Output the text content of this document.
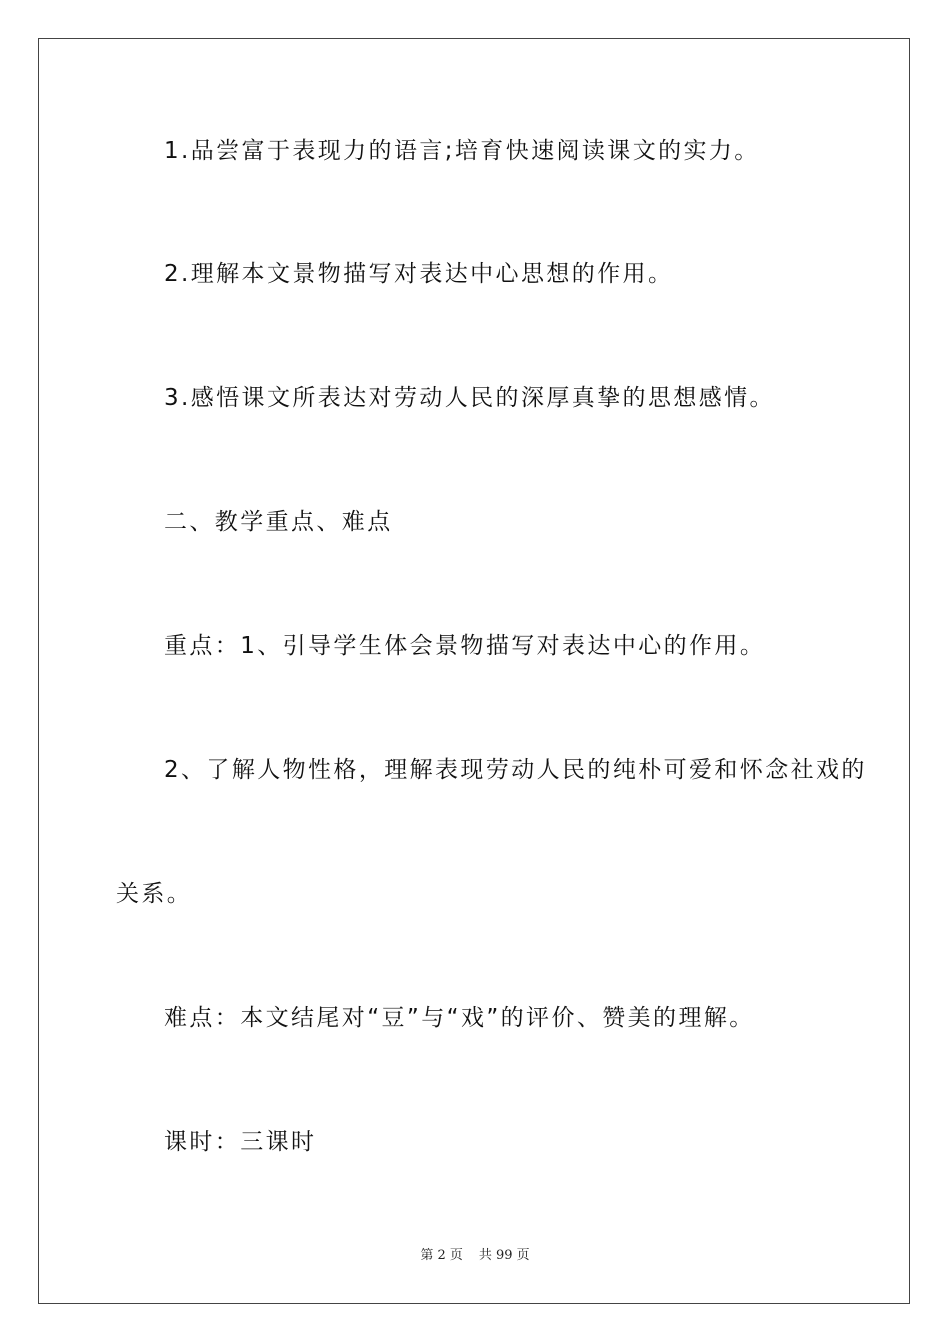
1.品尝富于表现力的语言;培育快速阅读课文的实力。
2.理解本文景物描写对表达中心思想的作用。
3.感悟课文所表达对劳动人民的深厚真挚的思想感情。
二、教学重点、难点
重点：1、引导学生体会景物描写对表达中心的作用。
2、了解人物性格，理解表现劳动人民的纯朴可爱和怀念社戏的
关系。
难点：本文结尾对“豆”与“戏”的评价、赞美的理解。
课时：三课时
第 2 页 共 99 页
